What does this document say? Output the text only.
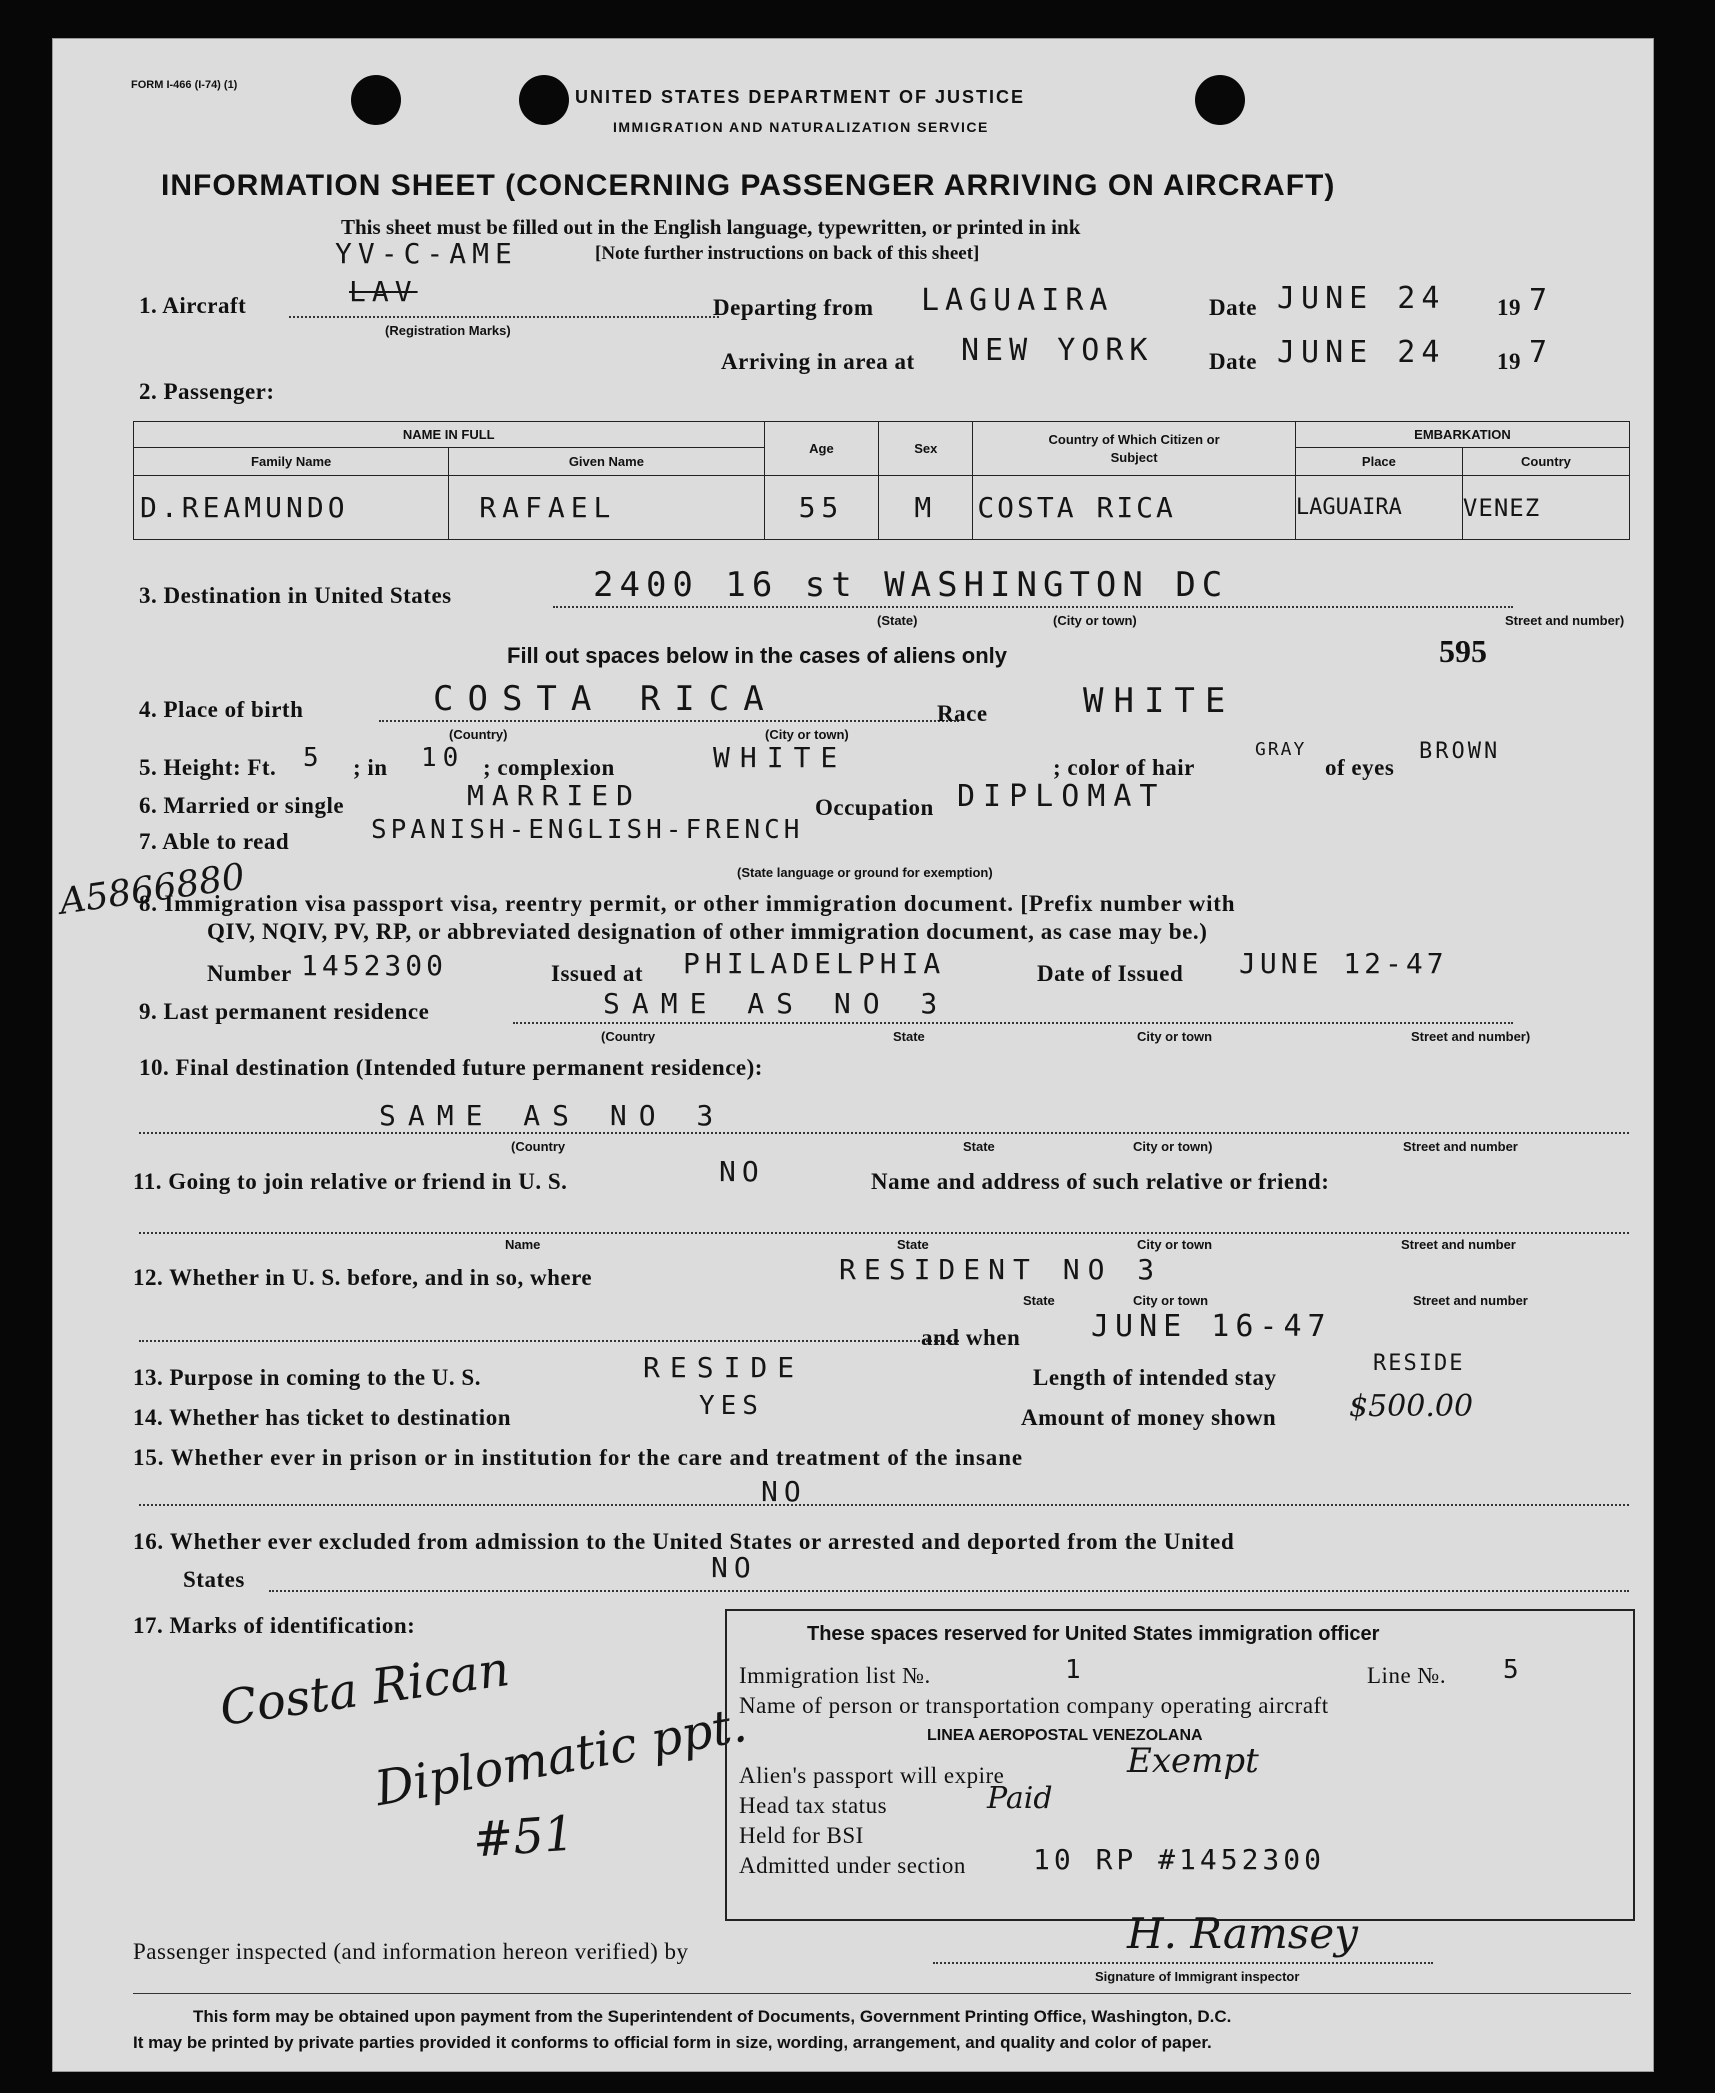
FORM I-466 (I-74) (1)
UNITED STATES DEPARTMENT OF JUSTICE
IMMIGRATION AND NATURALIZATION SERVICE
INFORMATION SHEET (CONCERNING PASSENGER ARRIVING ON AIRCRAFT)
This sheet must be filled out in the English language, typewritten, or printed in ink
[Note further instructions on back of this sheet]
YV-C-AME
1. Aircraft	LAV
(Registration Marks)
Departing from LAGUAIRA	Date JUNE 24 19 7
Arriving in area at NEW YORK Date JUNE 24 19 7
2. Passenger:
NAME IN FULL		Age	Sex	Country of Which Citizen or Subject	EMBARKATION	
Family Name	Given Name				Place	Country
D.REAMUNDO	RAFAEL	55	M	COSTA RICA	LAGUAIRA	VENEZ
3. Destination in United States	2400 16 st WASHINGTON DC
(State)	(City or town)	Street and number)
Fill out spaces below in the cases of aliens only	595
4. Place of birth	COSTA RICA
(Country)	(City or town)
Race	WHITE
5. Height: Ft. 5 ; in 10 ; complexion	WHITE	; color of hair
GRAY
of eyes
BROWN
6. Married or single	MARRIED	Occupation DIPLOMAT
7. Able to read	SPANISH-ENGLISH-FRENCH
(State language or ground for exemption)
A5866880
8. Immigration visa passport visa, reentry permit, or other immigration document. [Prefix number with
QIV, NQIV, PV, RP, or abbreviated designation of other immigration document, as case may be.)
Number 1452300	Issued at PHILADELPHIA	Date of Issued JUNE 12-47
9. Last permanent residence	SAME AS NO 3
(Country	State	City or town	Street and number)
10. Final destination (Intended future permanent residence):
SAME AS NO 3
(Country	State	City or town)	Street and number
11. Going to join relative or friend in U. S.	NO	Name and address of such relative or friend:
Name	State	City or town	Street and number
12. Whether in U. S. before, and in so, where	RESIDENT NO 3
State	City or town	Street and number
and when JUNE 16-47
13. Purpose in coming to the U. S.	RESIDE	Length of intended stay
RESIDE
14. Whether has ticket to destination	YES	Amount of money shown $500.00
15. Whether ever in prison or in institution for the care and treatment of the insane
NO
16. Whether ever excluded from admission to the United States or arrested and deported from the United
States	NO
17. Marks of identification:
Costa Rican
Diplomatic ppt.
#51
These spaces reserved for United States immigration officer
Immigration list №.	1	Line №. 5
Name of person or transportation company operating aircraft
LINEA AEROPOSTAL VENEZOLANA
Alien's passport will expire	Exempt
Head tax status	Paid
Held for BSI
Admitted under section 10 RP #1452300
Passenger inspected (and information hereon verified) by	H. Ramsey
Signature of Immigrant inspector
This form may be obtained upon payment from the Superintendent of Documents, Government Printing Office, Washington, D.C.
It may be printed by private parties provided it conforms to official form in size, wording, arrangement, and quality and color of paper.
